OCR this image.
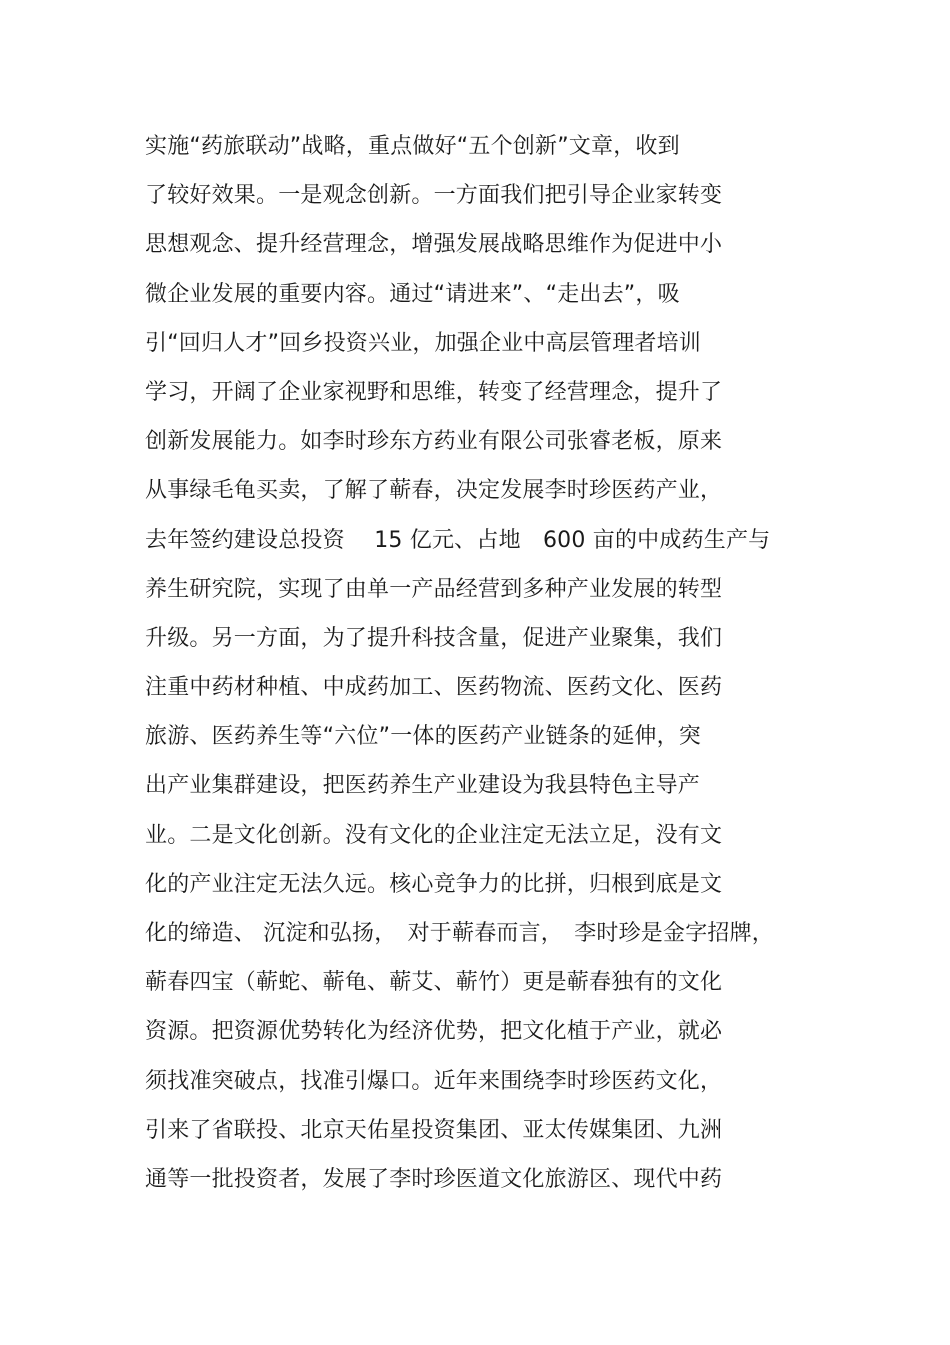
实施“药旅联动”战略，重点做好“五个创新”文章，收到
了较好效果。一是观念创新。一方面我们把引导企业家转变
思想观念、提升经营理念，增强发展战略思维作为促进中小
微企业发展的重要内容。通过“请进来”、“走出去”，吸
引“回归人才”回乡投资兴业，加强企业中高层管理者培训
学习，开阔了企业家视野和思维，转变了经营理念，提升了
创新发展能力。如李时珍东方药业有限公司张睿老板，原来
从事绿毛龟买卖，了解了蕲春，决定发展李时珍医药产业，
去年签约建设总投资　 15 亿元、占地　600 亩的中成药生产与
养生研究院，实现了由单一产品经营到多种产业发展的转型
升级。另一方面，为了提升科技含量，促进产业聚集，我们
注重中药材种植、中成药加工、医药物流、医药文化、医药
旅游、医药养生等“六位”一体的医药产业链条的延伸，突
出产业集群建设，把医药养生产业建设为我县特色主导产
业。二是文化创新。没有文化的企业注定无法立足，没有文
化的产业注定无法久远。核心竞争力的比拼，归根到底是文
化的缔造、 沉淀和弘扬，　对于蕲春而言，　李时珍是金字招牌，
蕲春四宝（蕲蛇、蕲龟、蕲艾、蕲竹）更是蕲春独有的文化
资源。把资源优势转化为经济优势，把文化植于产业，就必
须找准突破点，找准引爆口。近年来围绕李时珍医药文化，
引来了省联投、北京天佑星投资集团、亚太传媒集团、九洲
通等一批投资者，发展了李时珍医道文化旅游区、现代中药
